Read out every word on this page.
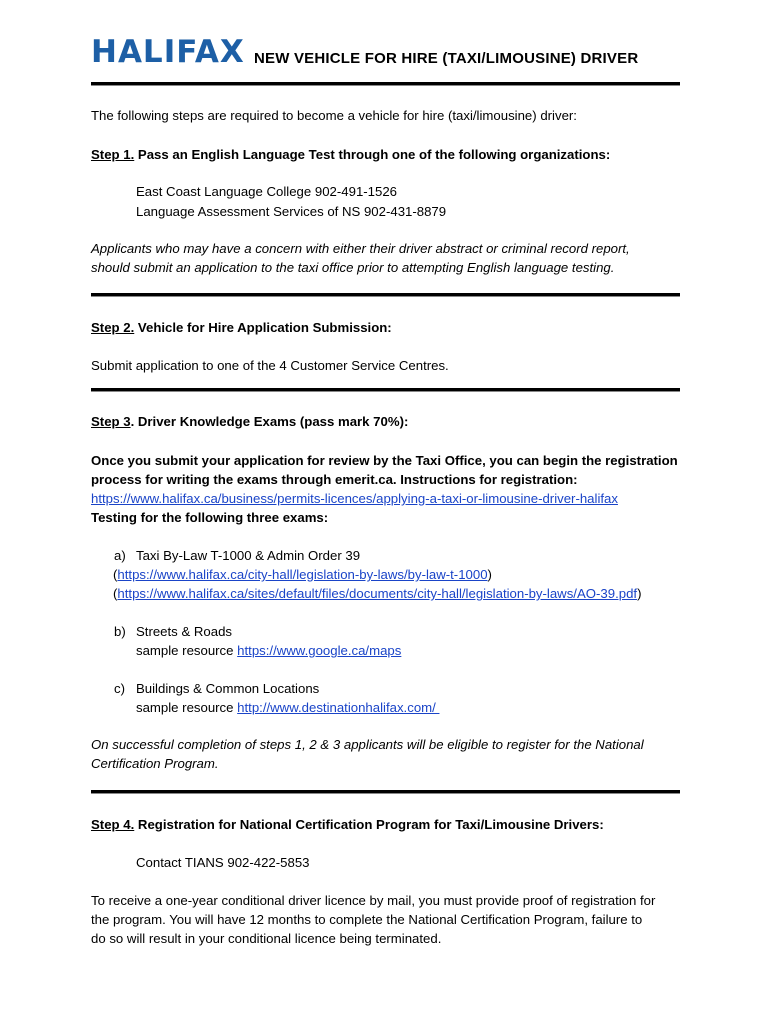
HALIFAX NEW VEHICLE FOR HIRE (TAXI/LIMOUSINE) DRIVER
The following steps are required to become a vehicle for hire (taxi/limousine) driver:
Step 1. Pass an English Language Test through one of the following organizations:
East Coast Language College 902-491-1526
Language Assessment Services of NS 902-431-8879
Applicants who may have a concern with either their driver abstract or criminal record report,
should submit an application to the taxi office prior to attempting English language testing.
Step 2. Vehicle for Hire Application Submission:
Submit application to one of the 4 Customer Service Centres.
Step 3. Driver Knowledge Exams (pass mark 70%):
Once you submit your application for review by the Taxi Office, you can begin the registration
process for writing the exams through emerit.ca. Instructions for registration:
https://www.halifax.ca/business/permits-licences/applying-a-taxi-or-limousine-driver-halifax
Testing for the following three exams:
a) Taxi By-Law T-1000 & Admin Order 39
(https://www.halifax.ca/city-hall/legislation-by-laws/by-law-t-1000)
(https://www.halifax.ca/sites/default/files/documents/city-hall/legislation-by-laws/AO-39.pdf)
b) Streets & Roads
sample resource https://www.google.ca/maps
c) Buildings & Common Locations
sample resource http://www.destinationhalifax.com/
On successful completion of steps 1, 2 & 3 applicants will be eligible to register for the National
Certification Program.
Step 4. Registration for National Certification Program for Taxi/Limousine Drivers:
Contact TIANS 902-422-5853
To receive a one-year conditional driver licence by mail, you must provide proof of registration for
the program. You will have 12 months to complete the National Certification Program, failure to
do so will result in your conditional licence being terminated.
